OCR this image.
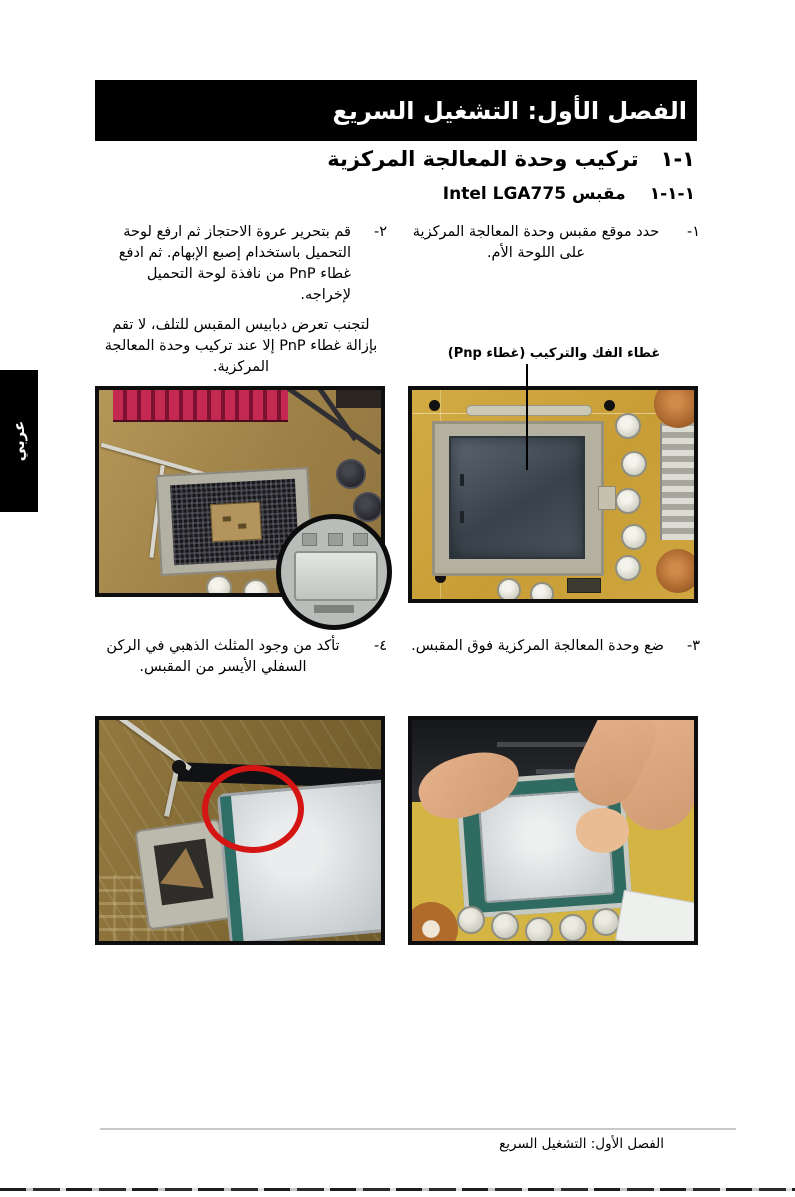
الفصل الأول: التشغيل السريع
عربي
١-١
تركيب وحدة المعالجة المركزية
١-١-١
مقبس Intel LGA775
١-
حدد موقع مقبس وحدة المعالجة المركزية على اللوحة الأم.
٢-
قم بتحرير عروة الاحتجاز ثم ارفع لوحة التحميل باستخدام إصبع الإبهام. ثم ادفع غطاء PnP من نافذة لوحة التحميل لإخراجه.
لتجنب تعرض دبابيس المقبس للتلف، لا تقم بإزالة غطاء PnP إلا عند تركيب وحدة المعالجة المركزية.
غطاء الفك والتركيب (غطاء Pnp)
٣-
ضع وحدة المعالجة المركزية فوق المقبس.
٤-
تأكد من وجود المثلث الذهبي في الركن السفلي الأيسر من المقبس.
الفصل الأول: التشغيل السريع
